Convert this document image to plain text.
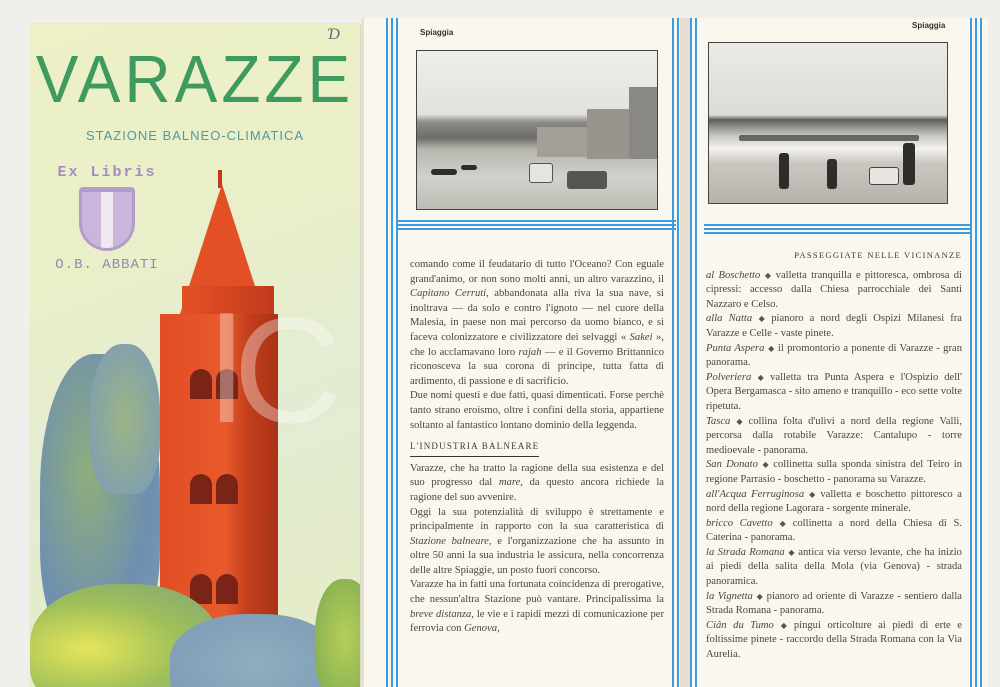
Ɗ
VARAZZE
STAZIONE BALNEO-CLIMATICA
Ex Libris
O.B. ABBATI
lC
Spiaggia

comando come il feudatario di tutto l'Oceano? Con eguale grand'animo, or non sono molti anni, un altro varazzino, il Capitano Cerruti, abbandonata alla riva la sua nave, si inoltrava — da solo e contro l'ignoto — nel cuore della Malesia, in paese non mai percorso da uomo bianco, e si faceva colonizzatore e civilizzatore dei selvaggi « Sakei », che lo acclamavano loro rajah — e il Governo Brittannico riconosceva la sua corona di principe, tutta fatta di ardimento, di passione e di sacrificio.

Due nomi questi e due fatti, quasi dimenticati. Forse perchè tanto strano eroismo, oltre i confini della storia, appartiene soltanto al fantastico lontano dominio della leggenda.

L'INDUSTRIA BALNEARE

Varazze, che ha tratto la ragione della sua esistenza e del suo progresso dal mare, da questo ancora richiede la ragione del suo avvenire.

Oggi la sua potenzialità di sviluppo è strettamente e principalmente in rapporto con la sua caratteristica di Stazione balneare, e l'organizzazione che ha assunto in oltre 50 anni la sua industria le assicura, nella concorrenza delle altre Spiaggie, un posto fuori concorso.

Varazze ha in fatti una fortunata coincidenza di prerogative, che nessun'altra Stazione può vantare. Principalissima la breve distanza, le vie e i rapidi mezzi di comunicazione per ferrovia con Genova,

Spiaggia
PASSEGGIATE NELLE VICINANZE

al Boschetto ◆ valletta tranquilla e pittoresca, ombrosa di cipressi: accesso dalla Chiesa parrocchiale dei Santi Nazzaro e Celso.

alla Natta ◆ pianoro a nord degli Ospizi Milanesi fra Varazze e Celle - vaste pinete.

Punta Aspera ◆ il promontorio a ponente di Varazze - gran panorama.

Polveriera ◆ valletta tra Punta Aspera e l'Ospizio dell' Opera Bergamasca - sito ameno e tranquillo - eco sette volte ripetuta.

Tasca ◆ collina folta d'ulivi a nord della regione Valli, percorsa dalla rotabile Varazze: Cantalupo - torre medioevale - panorama.

San Donato ◆ collinetta sulla sponda sinistra del Teiro in regione Parrasio - boschetto - panorama su Varazze.

all'Acqua Ferruginosa ◆ valletta e boschetto pittoresco a nord della regione Lagorara - sorgente minerale.

bricco Cavetto ◆ collinetta a nord della Chiesa di S. Caterina - panorama.

la Strada Romana ◆ antica via verso levante, che ha inizio ai piedi della salita della Mola (via Genova) - strada panoramica.

la Vignetta ◆ pianoro ad oriente di Varazze - sentiero dalla Strada Romana - panorama.

Ciân du Tumo ◆ pingui orticolture ai piedi di erte e foltissime pinete - raccordo della Strada Romana con la Via Aurelia.
